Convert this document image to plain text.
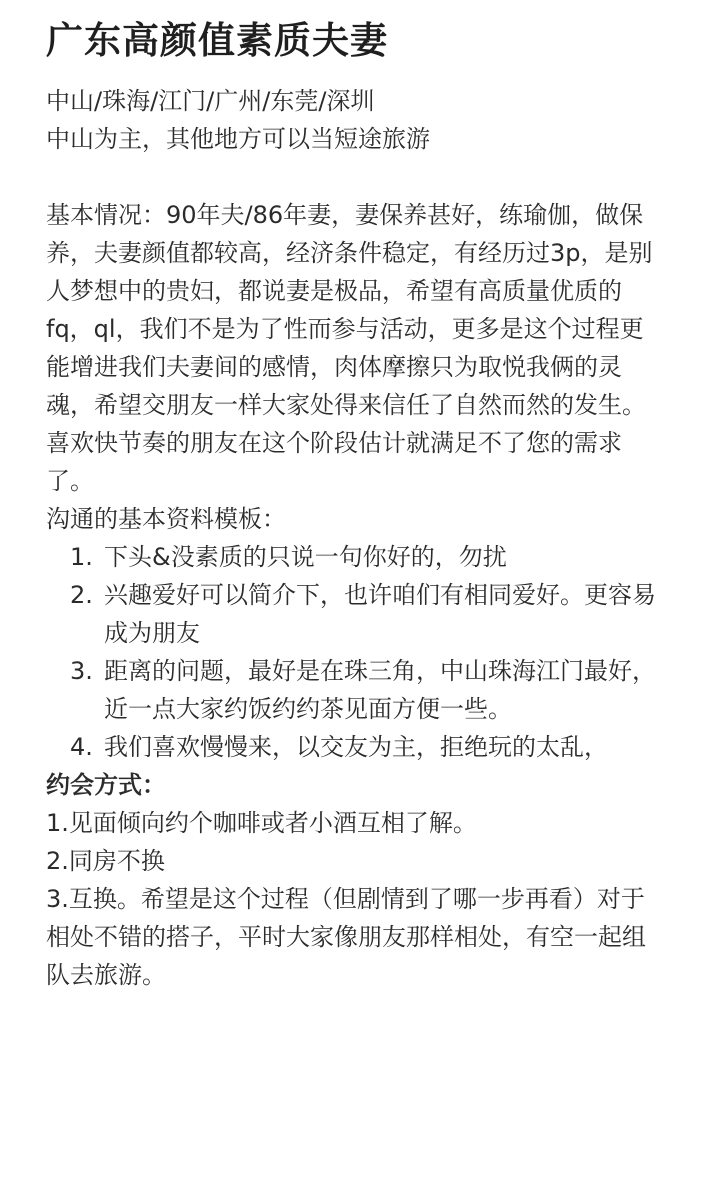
广东高颜值素质夫妻

中山/珠海/江门/广州/东莞/深圳

中山为主，其他地方可以当短途旅游

基本情况：90年夫/86年妻，妻保养甚好，练瑜伽，做保养，夫妻颜值都较高，经济条件稳定，有经历过3p，是别人梦想中的贵妇，都说妻是极品，希望有高质量优质的fq，ql，我们不是为了性而参与活动，更多是这个过程更能增进我们夫妻间的感情，肉体摩擦只为取悦我俩的灵魂，希望交朋友一样大家处得来信任了自然而然的发生。

喜欢快节奏的朋友在这个阶段估计就满足不了您的需求了。

沟通的基本资料模板：

1. 下头&没素质的只说一句你好的，勿扰
2. 兴趣爱好可以简介下，也许咱们有相同爱好。更容易成为朋友
3. 距离的问题，最好是在珠三角，中山珠海江门最好，近一点大家约饭约约茶见面方便一些。
4. 我们喜欢慢慢来，以交友为主，拒绝玩的太乱，

约会方式：

1.见面倾向约个咖啡或者小酒互相了解。

2.同房不换

3.互换。希望是这个过程（但剧情到了哪一步再看）对于相处不错的搭子，平时大家像朋友那样相处，有空一起组队去旅游。
